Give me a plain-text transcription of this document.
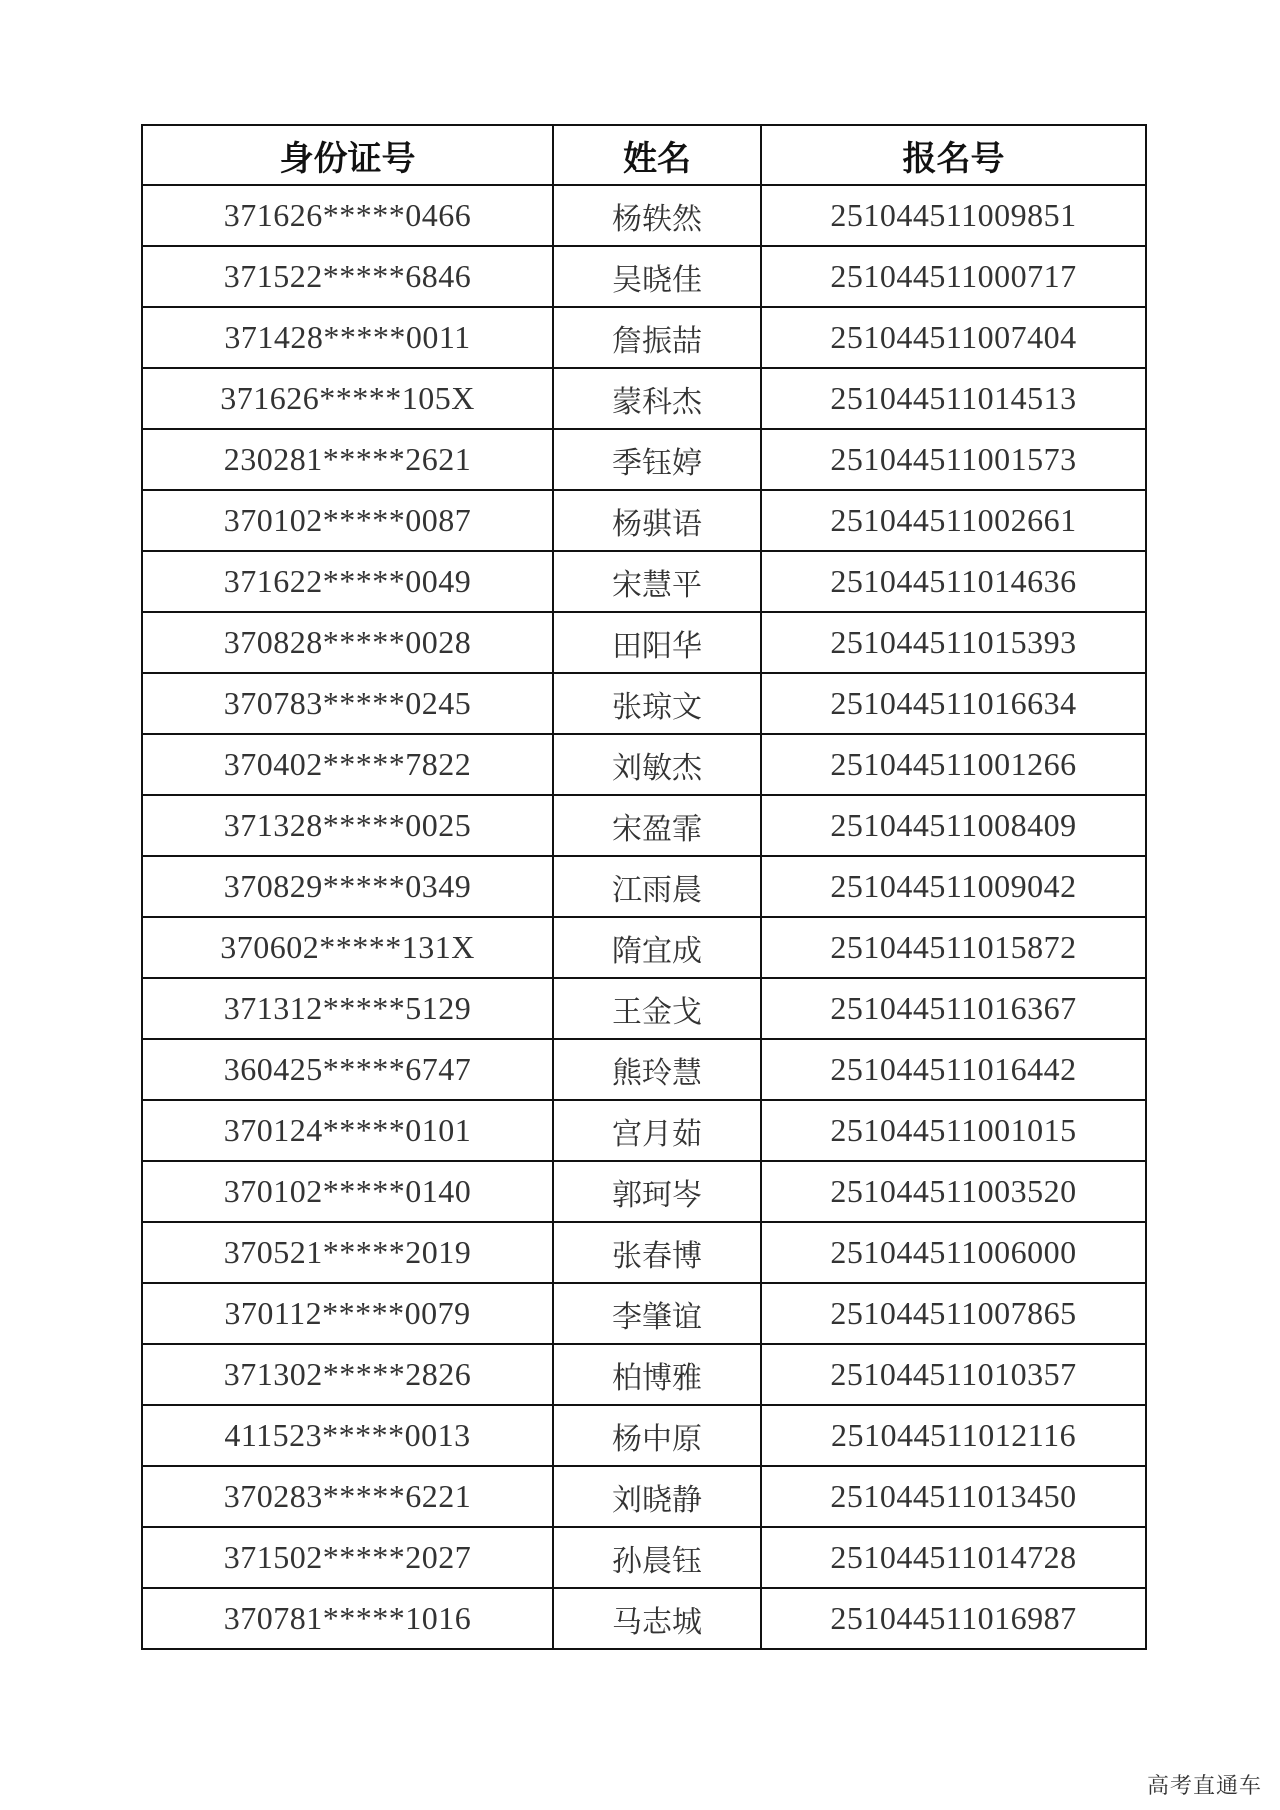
身份证号	姓名	报名号
371626*****0466	杨轶然	251044511009851
371522*****6846	吴晓佳	251044511000717
371428*****0011	詹振喆	251044511007404
371626*****105X	蒙科杰	251044511014513
230281*****2621	季钰婷	251044511001573
370102*****0087	杨骐语	251044511002661
371622*****0049	宋慧平	251044511014636
370828*****0028	田阳华	251044511015393
370783*****0245	张琼文	251044511016634
370402*****7822	刘敏杰	251044511001266
371328*****0025	宋盈霏	251044511008409
370829*****0349	江雨晨	251044511009042
370602*****131X	隋宜成	251044511015872
371312*****5129	王金戈	251044511016367
360425*****6747	熊玲慧	251044511016442
370124*****0101	宫月茹	251044511001015
370102*****0140	郭珂岑	251044511003520
370521*****2019	张春博	251044511006000
370112*****0079	李肇谊	251044511007865
371302*****2826	柏博雅	251044511010357
411523*****0013	杨中原	251044511012116
370283*****6221	刘晓静	251044511013450
371502*****2027	孙晨钰	251044511014728
370781*****1016	马志城	251044511016987
高考直通车
